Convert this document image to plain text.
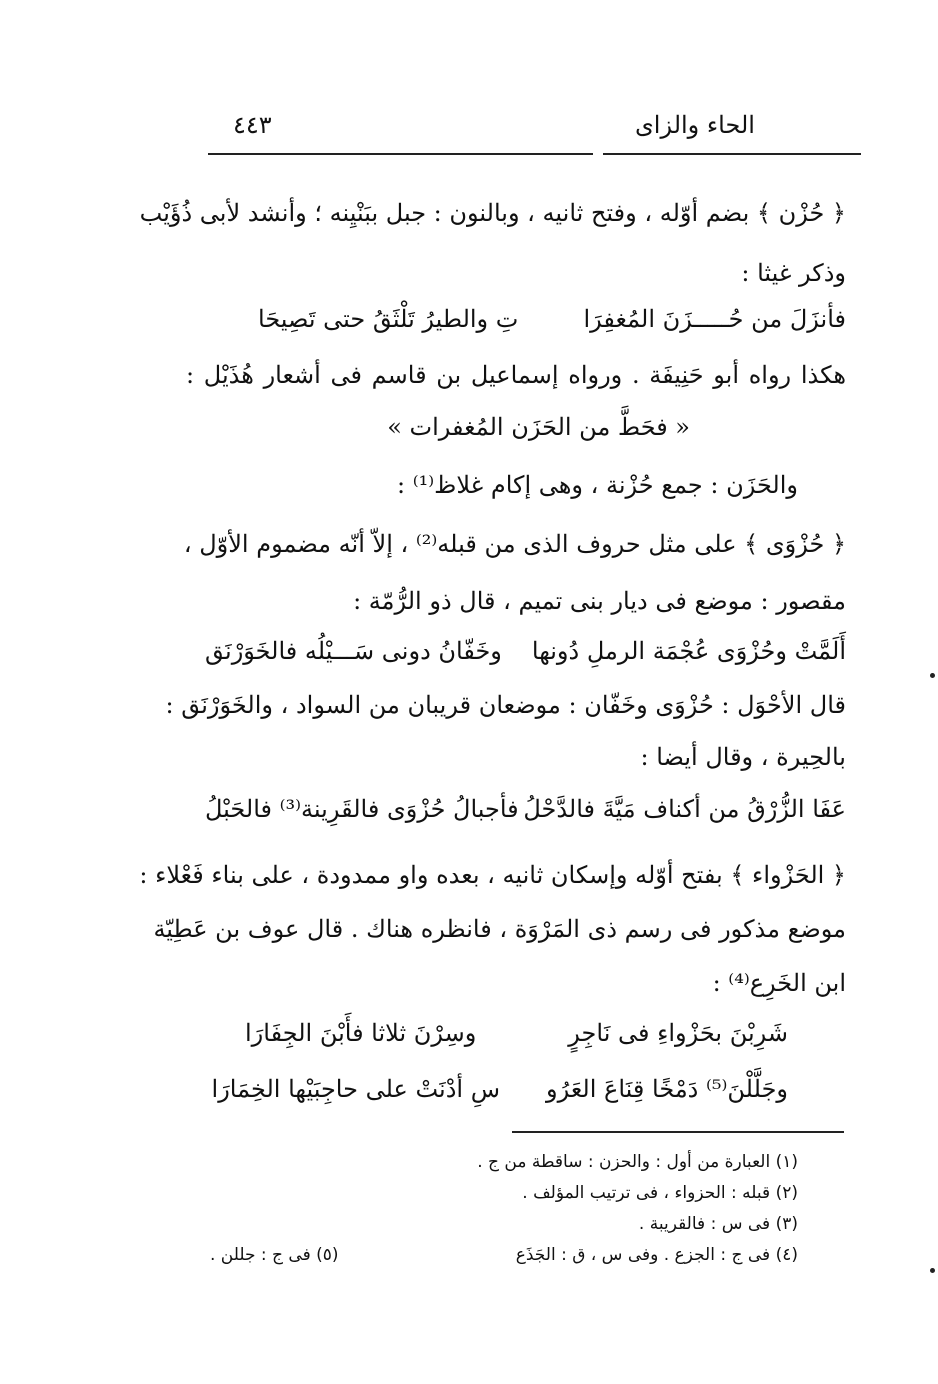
٤٤٣	الحاء والزاى
﴿ حُزْن ﴾ بضم أوّله ، وفتح ثانيه ، وبالنون : جبل ببَنْيِنه ؛ وأنشد لأبى ذُؤَيْب
وذكر غيثا :
فأنزَلَ من حُـــــزَنَ المُغفِرَا
تِ والطيرُ تَلْثَقُ حتى تَصِيحَا
هكذا رواه أبو حَنِيفَة . ورواه إسماعيل بن قاسم فى أشعار هُذَيْل :
« فحَطَّ من الحَزَن المُغفرات »
والحَزَن : جمع حُزْنة ، وهى إكام غلاظ⁽¹⁾ :
﴿ حُزْوَى ﴾ على مثل حروف الذى من قبله⁽²⁾ ، إلاّ أنّه مضموم الأوّل ،
مقصور : موضع فى ديار بنى تميم ، قال ذو الرُّمّة :
أَلَمَّتْ وحُزْوَى عُجْمَة الرملِ دُونها
وخَفّانُ دونى سَـــيْلُه فالخَوَرْنَق
قال الأحْوَل : حُزْوَى وخَفّان : موضعان قريبان من السواد ، والخَوَرْنَق :
بالحِيرة ، وقال أيضا :
عَفَا الزُّرْقُ من أكناف مَيَّةَ فالدَّحْلُ
فأجبالُ حُزْوَى فالقَرِينة⁽³⁾ فالحَبْلُ
﴿ الحَزْواء ﴾ بفتح أوّله وإسكان ثانيه ، بعده واو ممدودة ، على بناء فَعْلاء :
موضع مذكور فى رسم ذى المَرْوَة ، فانظره هناك . قال عوف بن عَطِيّة
ابن الخَرِع⁽⁴⁾ :
شَرِبْنَ بحَزْواءِ فى نَاجِرٍ
وسِرْنَ ثلاثا فأَبْنَ الجِفَارَا
وجَلَّلْنَ⁽⁵⁾ دَمْخًا قِنَاعَ العَرُو
سِ أدْنَتْ على حاجِبَيْها الخِمَارَا
(١) العبارة من أول : والحزن : ساقطة من ج .
(٢) قبله : الحزواء ، فى ترتيب المؤلف .
(٣) فى س : فالقريبة .
(٤) فى ج : الجزع . وفى س ، ق : الجَذَع
(٥) فى ج : جللن .
